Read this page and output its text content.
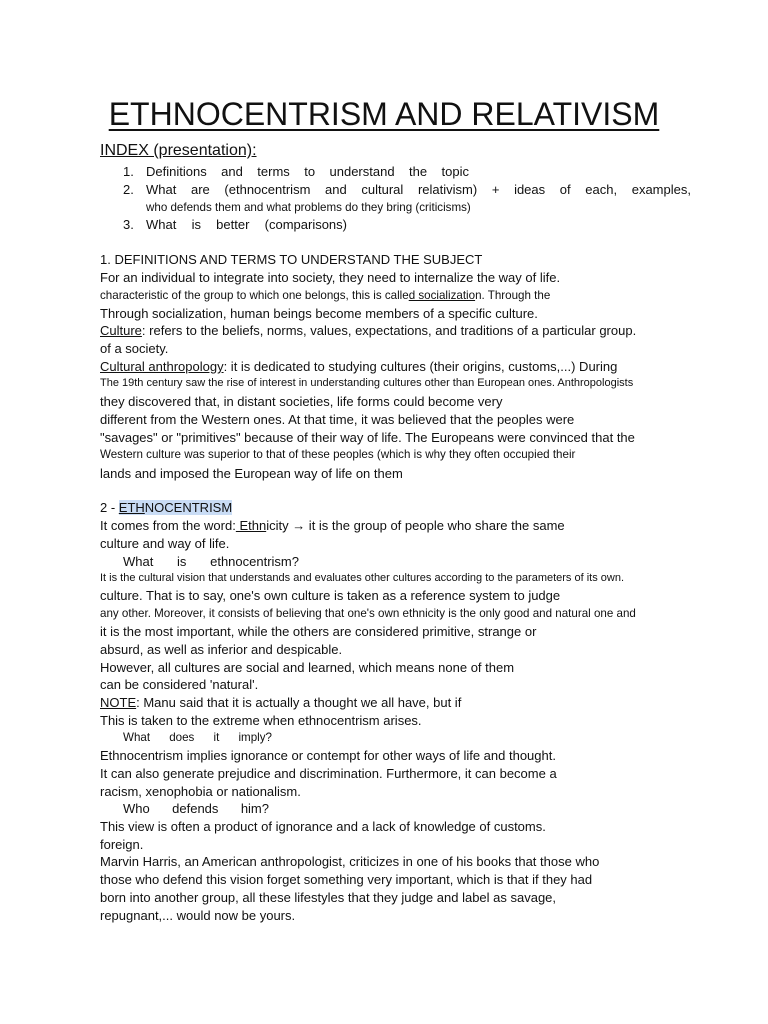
ETHNOCENTRISM AND RELATIVISM
INDEX (presentation):
1. Definitions and terms to understand the topic
2. What are (ethnocentrism and cultural relativism) + ideas of each, examples,
who defends them and what problems do they bring (criticisms)
3. What is better (comparisons)
1. DEFINITIONS AND TERMS TO UNDERSTAND THE SUBJECT
For an individual to integrate into society, they need to internalize the way of life.
characteristic of the group to which one belongs, this is called socialization. Through the
Through socialization, human beings become members of a specific culture.
Culture: refers to the beliefs, norms, values, expectations, and traditions of a particular group.
of a society.
Cultural anthropology: it is dedicated to studying cultures (their origins, customs,...) During
The 19th century saw the rise of interest in understanding cultures other than European ones. Anthropologists
they discovered that, in distant societies, life forms could become very
different from the Western ones. At that time, it was believed that the peoples were
"savages" or "primitives" because of their way of life. The Europeans were convinced that the
Western culture was superior to that of these peoples (which is why they often occupied their
lands and imposed the European way of life on them
2 - ETHNOCENTRISM
It comes from the word: Ethnicity → it is the group of people who share the same
culture and way of life.
What is ethnocentrism?
It is the cultural vision that understands and evaluates other cultures according to the parameters of its own.
culture. That is to say, one's own culture is taken as a reference system to judge
any other. Moreover, it consists of believing that one's own ethnicity is the only good and natural one and
it is the most important, while the others are considered primitive, strange or
absurd, as well as inferior and despicable.
However, all cultures are social and learned, which means none of them
can be considered 'natural'.
NOTE: Manu said that it is actually a thought we all have, but if
This is taken to the extreme when ethnocentrism arises.
What does it imply?
Ethnocentrism implies ignorance or contempt for other ways of life and thought.
It can also generate prejudice and discrimination. Furthermore, it can become a
racism, xenophobia or nationalism.
Who defends him?
This view is often a product of ignorance and a lack of knowledge of customs.
foreign.
Marvin Harris, an American anthropologist, criticizes in one of his books that those who
those who defend this vision forget something very important, which is that if they had
born into another group, all these lifestyles that they judge and label as savage,
repugnant,... would now be yours.
